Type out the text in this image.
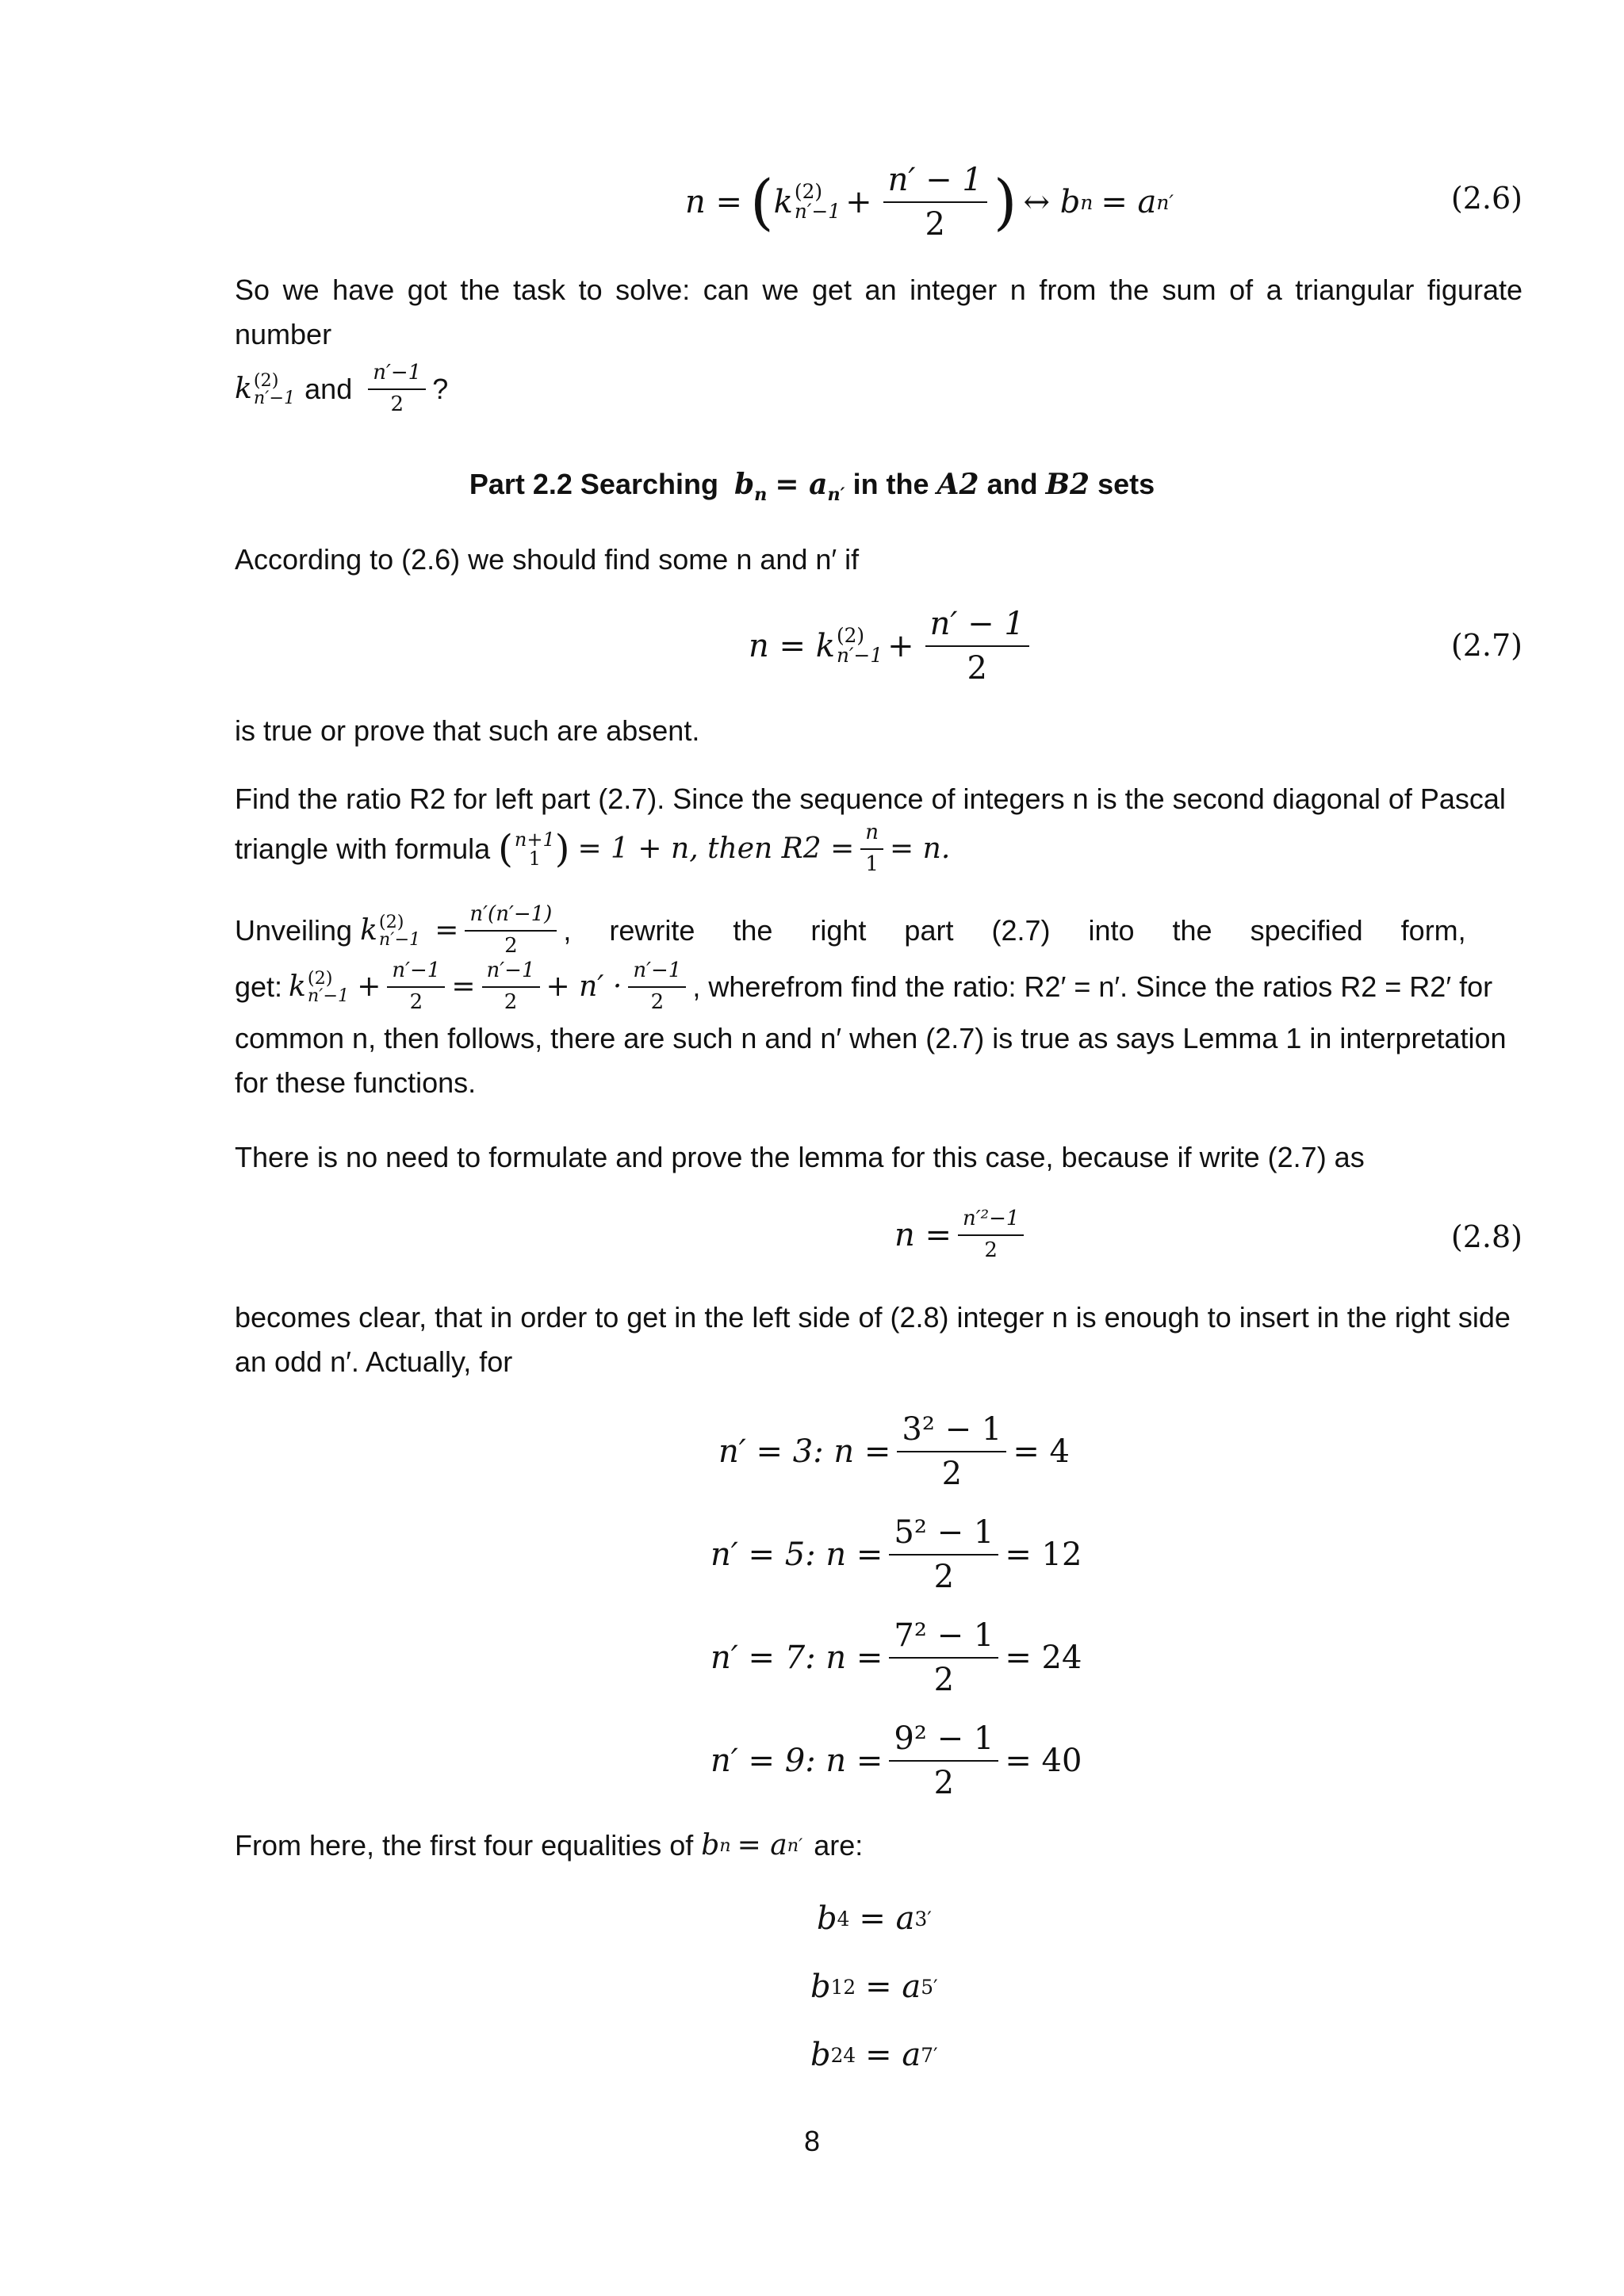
n = ( k (2)
$n'-1 + \frac{n' - 1}{2}$ ) ↔ b n = a n′	(2.6)
So we have got the task to solve: can we get an integer n from the sum of a triangular figurate number
k (2)
n′−1 and $\frac{n'-1}{2}$ ?
Part 2.2 Searching $b_n = a_{n'}$ in the A2 and B2 sets
According to (2.6) we should find some n and n′ if
n = k (2)
$n'-1 + \frac{n' - 1}{2}$	(2.7)
is true or prove that such are absent.
Find the ratio R2 for left part (2.7). Since the sequence of integers n is the second diagonal of Pascal
triangle with formula ( n+1
1 ) = 1 + n, then $R2 = \frac{n}{1} = n$.
Unveiling k (2)
$n'-1 = \frac{n'(n'-1)}{2}$ , rewrite the right part (2.7) into the specified form,
get: k (2)
$n'-1 + \frac{n'-1}{2} = \frac{n'-1}{2} + n' \cdot \frac{n'-1}{2}$ , wherefrom find the ratio: R2′ = n′. Since the ratios R2 = R2′ for
common n, then follows, there are such n and n′ when (2.7) is true as says Lemma 1 in interpretation
for these functions.
There is no need to formulate and prove the lemma for this case, because if write (2.7) as
$n = \frac{\text{n′²−1}}{2}$	(2.8)
becomes clear, that in order to get in the left side of (2.8) integer n is enough to insert in the right side
an odd n′. Actually, for
n′ = 3: $n = \frac{\text{3² − 1}}{2} = 4$
n′ = 5: $n = \frac{\text{5² − 1}}{2} = 12$
n′ = 7: $n = \frac{\text{7² − 1}}{2} = 24$
n′ = 9: $n = \frac{\text{9² − 1}}{2} = 40$
From here, the first four equalities of b n = a n′ are:
b 4 = a 3′
b 12 = a 5′
b 24 = a 7′
8
